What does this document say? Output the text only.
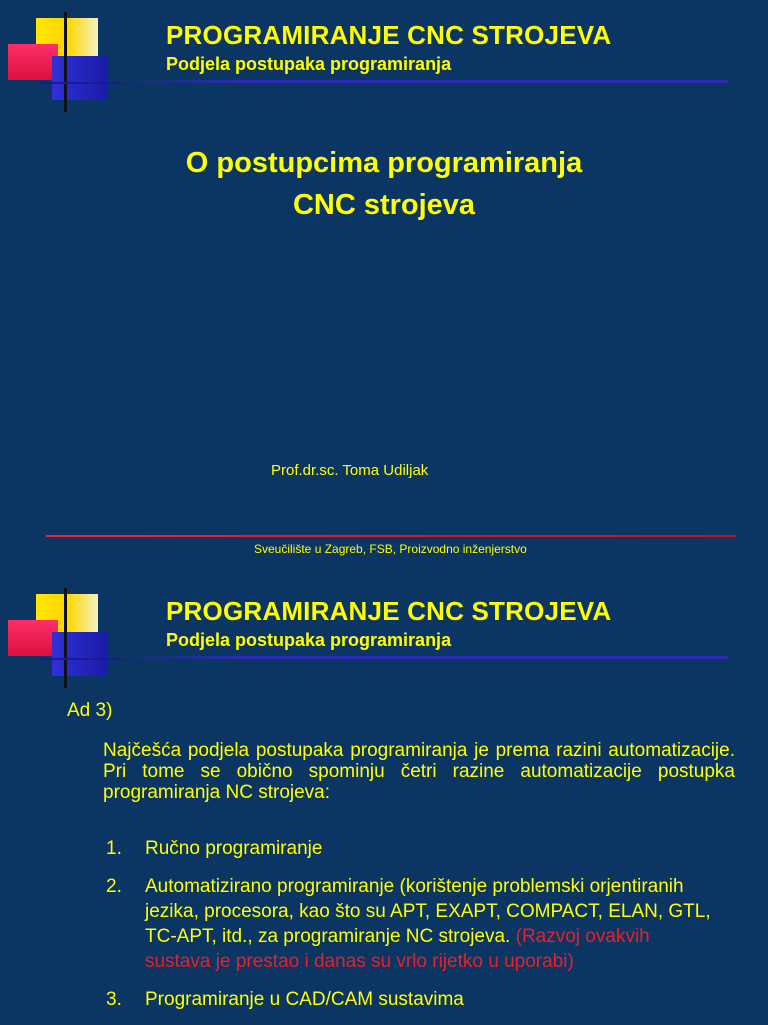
PROGRAMIRANJE CNC STROJEVA
Podjela postupaka programiranja
O postupcima programiranja
CNC strojeva
Prof.dr.sc. Toma Udiljak
Sveučilište u Zagreb, FSB, Proizvodno inženjerstvo
PROGRAMIRANJE CNC STROJEVA
Podjela postupaka programiranja
Ad 3)
Najčešća podjela postupaka programiranja je prema razini automatizacije. Pri tome se obično spominju četri razine automatizacije postupka programiranja NC strojeva:
1. Ručno programiranje
2. Automatizirano programiranje (korištenje problemski orjentiranih jezika, procesora, kao što su APT, EXAPT, COMPACT, ELAN, GTL, TC-APT, itd., za programiranje NC strojeva. (Razvoj ovakvih sustava je prestao i danas su vrlo rijetko u uporabi)
3. Programiranje u CAD/CAM sustavima
